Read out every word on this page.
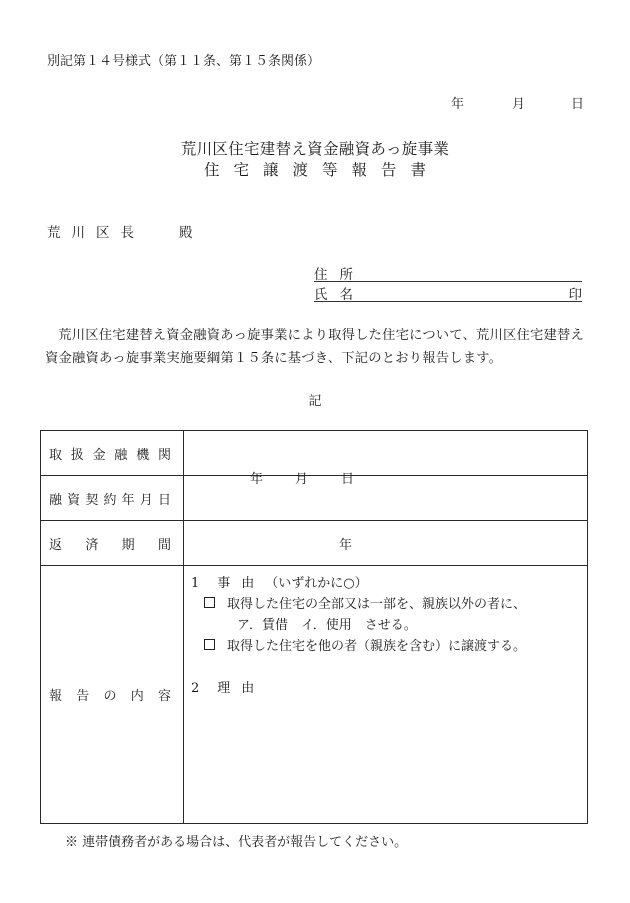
別記第１４号様式（第１１条、第１５条関係）
年	月	日
荒川区住宅建替え資金融資あっ旋事業
住宅譲渡等報告書
荒川区長	殿
住所
氏名	印
荒川区住宅建替え資金融資あっ旋事業により取得した住宅について、荒川区住宅建替え資金融資あっ旋事業実施要綱第１５条に基づき、下記のとおり報告します。
記
取扱金融機関	

融資契約年月日	年 月 日

返済期間	年

報告の内容	1 事由（いずれかに○）
取得した住宅の全部又は一部を、親族以外の者に、
ア．賃借　イ．使用　させる。
取得した住宅を他の者（親族を含む）に譲渡する。
2 理由
※ 連帯債務者がある場合は、代表者が報告してください。
